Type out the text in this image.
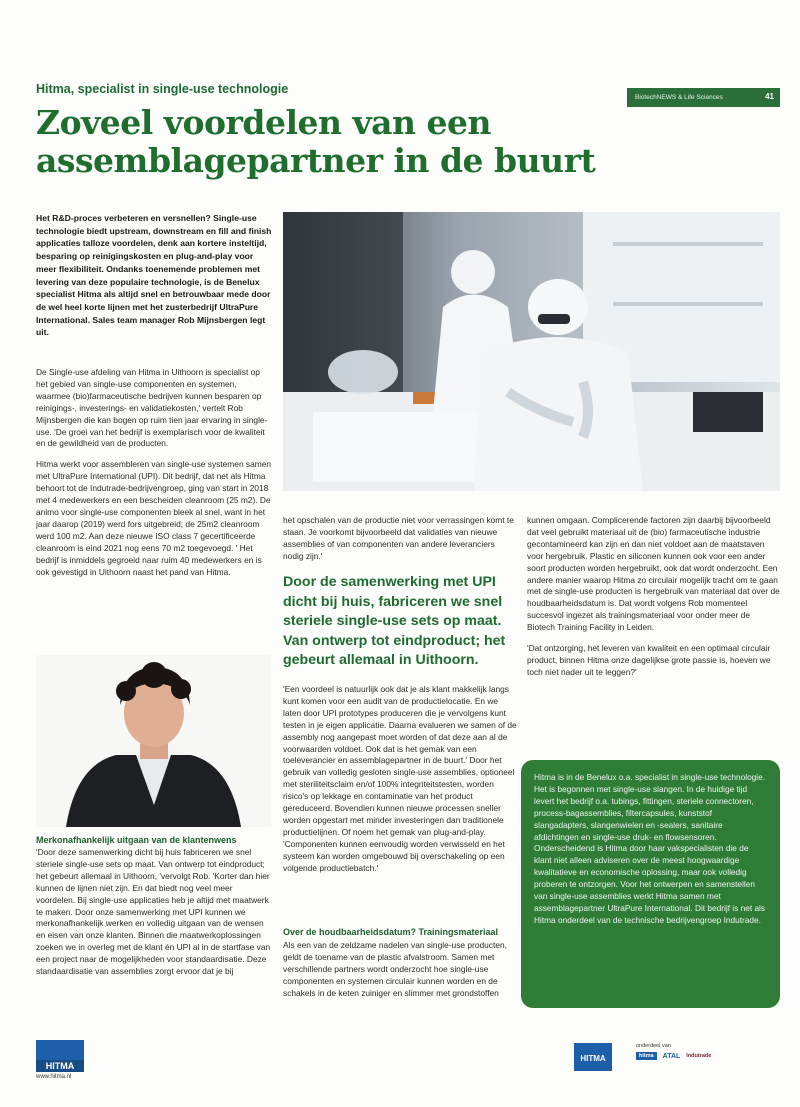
Hitma, specialist in single-use technologie
BiotechNEWS & Life Sciences	41
Zoveel voordelen van een assemblagepartner in de buurt
Het R&D-proces verbeteren en versnellen? Single-use technologie biedt upstream, downstream en fill and finish applicaties talloze voordelen, denk aan kortere insteltijd, besparing op reinigingskosten en plug-and-play voor meer flexibiliteit. Ondanks toenemende problemen met levering van deze populaire technologie, is de Benelux specialist Hitma als altijd snel en betrouwbaar mede door de wel heel korte lijnen met het zusterbedrijf UltraPure International. Sales team manager Rob Mijnsbergen legt uit.

De Single-use afdeling van Hitma in Uithoorn is specialist op het gebied van single-use componenten en systemen, waarmee (bio)farmaceutische bedrijven kunnen besparen op reinigings-, investerings- en validatiekosten,' vertelt Rob Mijnsbergen die kan bogen op ruim tien jaar ervaring in single-use. 'De groei van het bedrijf is exemplarisch voor de kwaliteit en de gewildheid van de producten.

Hitma werkt voor assembleren van single-use systemen samen met UltraPure International (UPI). Dit bedrijf, dat net als Hitma behoort tot de Indutrade-bedrijvengroep, ging van start in 2018 met 4 medewerkers en een bescheiden cleanroom (25 m2). De animo voor single-use componenten bleek al snel, want in het jaar daarop (2019) werd fors uitgebreid; de 25m2 cleanroom werd 100 m2. Aan deze nieuwe ISO class 7 gecertificeerde cleanroom is eind 2021 nog eens 70 m2 toegevoegd. ' Het bedrijf is inmiddels gegroeid naar ruim 40 medewerkers en is ook gevestigd in Uithoorn naast het pand van Hitma.

het opschalen van de productie niet voor verrassingen komt te staan. Je voorkomt bijvoorbeeld dat validaties van nieuwe assemblies of van componenten van andere leveranciers nodig zijn.'
Door de samenwerking met UPI dicht bij huis, fabriceren we snel steriele single-use sets op maat. Van ontwerp tot eindproduct; het gebeurt allemaal in Uithoorn.
'Een voordeel is natuurlijk ook dat je als klant makkelijk langs kunt komen voor een audit van de productielocatie. En we laten door UPI prototypes produceren die je vervolgens kunt testen in je eigen applicatie. Daarna evalueren we samen of de assembly nog aangepast moet worden of dat deze aan al de voorwaarden voldoet. Ook dat is het gemak van een toeleverancier en assemblagepartner in de buurt.' Door het gebruik van volledig gesloten single-use assemblies, optioneel met steriliteitsclaim en/of 100% integriteitstesten, worden risico's op lekkage en contaminatie van het product gereduceerd. Bovendien kunnen nieuwe processen sneller worden opgestart met minder investeringen dan traditionele productielijnen. Of noem het gemak van plug-and-play. 'Componenten kunnen eenvoudig worden verwisseld en het systeem kan worden omgebouwd bij overschakeling op een volgende productiebatch.'
Over de houdbaarheidsdatum? Trainingsmateriaal
Als een van de zeldzame nadelen van single-use producten, geldt de toename van de plastic afvalstroom. Samen met verschillende partners wordt onderzocht hoe single-use componenten en systemen circulair kunnen worden en de schakels in de keten zuiniger en slimmer met grondstoffen

kunnen omgaan. Complicerende factoren zijn daarbij bijvoorbeeld dat veel gebruikt materiaal uit de (bio) farmaceutische industrie gecontamineerd kan zijn en dan niet voldoet aan de maatstaven voor hergebruik. Plastic en siliconen kunnen ook voor een ander soort producten worden hergebruikt, ook dat wordt onderzocht. Een andere manier waarop Hitma zo circulair mogelijk tracht om te gaan met de single-use producten is hergebruik van materiaal dat over de houdbaarheidsdatum is. Dat wordt volgens Rob momenteel succesvol ingezet als trainingsmateriaal voor onder meer de Biotech Training Facility in Leiden.

'Dat ontzorging, het leveren van kwaliteit en een optimaal circulair product, binnen Hitma onze dagelijkse grote passie is, hoeven we toch niet nader uit te leggen?'

Merkonafhankelijk uitgaan van de klantenwens
'Door deze samenwerking dicht bij huis fabriceren we snel steriele single-use sets op maat. Van ontwerp tot eindproduct; het gebeurt allemaal in Uithoorn, 'vervolgt Rob. 'Korter dan hier kunnen de lijnen niet zijn. En dat biedt nog veel meer voordelen. Bij single-use applicaties heb je altijd met maatwerk te maken. Door onze samenwerking met UPI kunnen we merkonafhankelijk werken en volledig uitgaan van de wensen en eisen van onze klanten. Binnen die maatwerkoplossingen zoeken we in overleg met de klant én UPI al in de startfase van een project naar de mogelijkheden voor standaardisatie. Deze standaardisatie van assemblies zorgt ervoor dat je bij
Hitma is in de Benelux o.a. specialist in single-use technologie. Het is begonnen met single-use slangen. In de huidige tijd levert het bedrijf o.a. tubings, fittingen, steriele connectoren, process-bagassemblies, filtercapsules, kunststof slangadapters, slangenwielen en -sealers, sanitaire afdichtingen en single-use druk- en flowsensoren. Onderscheidend is Hitma door haar vakspecialisten die de klant niet alleen adviseren over de meest hoogwaardige kwalitatieve en economische oplossing, maar ook volledig proberen te ontzorgen. Voor het ontwerpen en samenstellen van single-use assemblies werkt Hitma samen met assemblagepartner UltraPure International. Dit bedrijf is net als Hitma onderdeel van de technische bedrijvengroep Indutrade.
HITMA
www.hitma.nl
HITMA
onderdeel van
hitma	ATAL Indutrade
